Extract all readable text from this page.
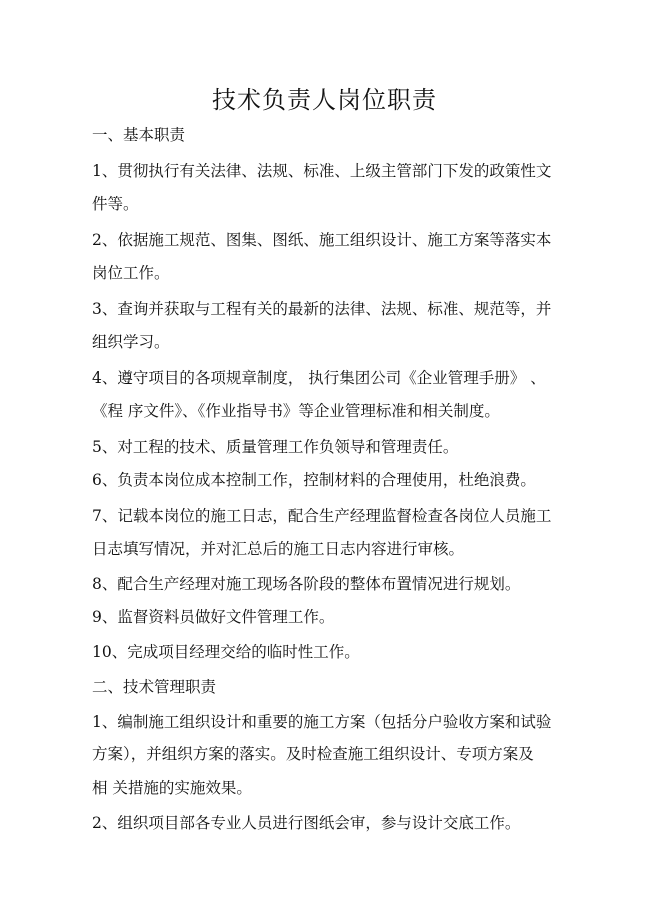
技术负责人岗位职责
一、基本职责
1、贯彻执行有关法律、法规、标准、上级主管部门下发的政策性文
件等。
2、依据施工规范、图集、图纸、施工组织设计、施工方案等落实本
岗位工作。
3、查询并获取与工程有关的最新的法律、法规、标准、规范等，并
组织学习。
4、遵守项目的各项规章制度， 执行集团公司《企业管理手册》 、
《程 序文件》、《作业指导书》等企业管理标准和相关制度。
5、对工程的技术、质量管理工作负领导和管理责任。
6、负责本岗位成本控制工作，控制材料的合理使用，杜绝浪费。
7、记载本岗位的施工日志，配合生产经理监督检查各岗位人员施工
日志填写情况，并对汇总后的施工日志内容进行审核。
8、配合生产经理对施工现场各阶段的整体布置情况进行规划。
9、监督资料员做好文件管理工作。
10、完成项目经理交给的临时性工作。
二、技术管理职责
1、编制施工组织设计和重要的施工方案（包括分户验收方案和试验
方案），并组织方案的落实。及时检查施工组织设计、专项方案及
相 关措施的实施效果。
2、组织项目部各专业人员进行图纸会审，参与设计交底工作。
